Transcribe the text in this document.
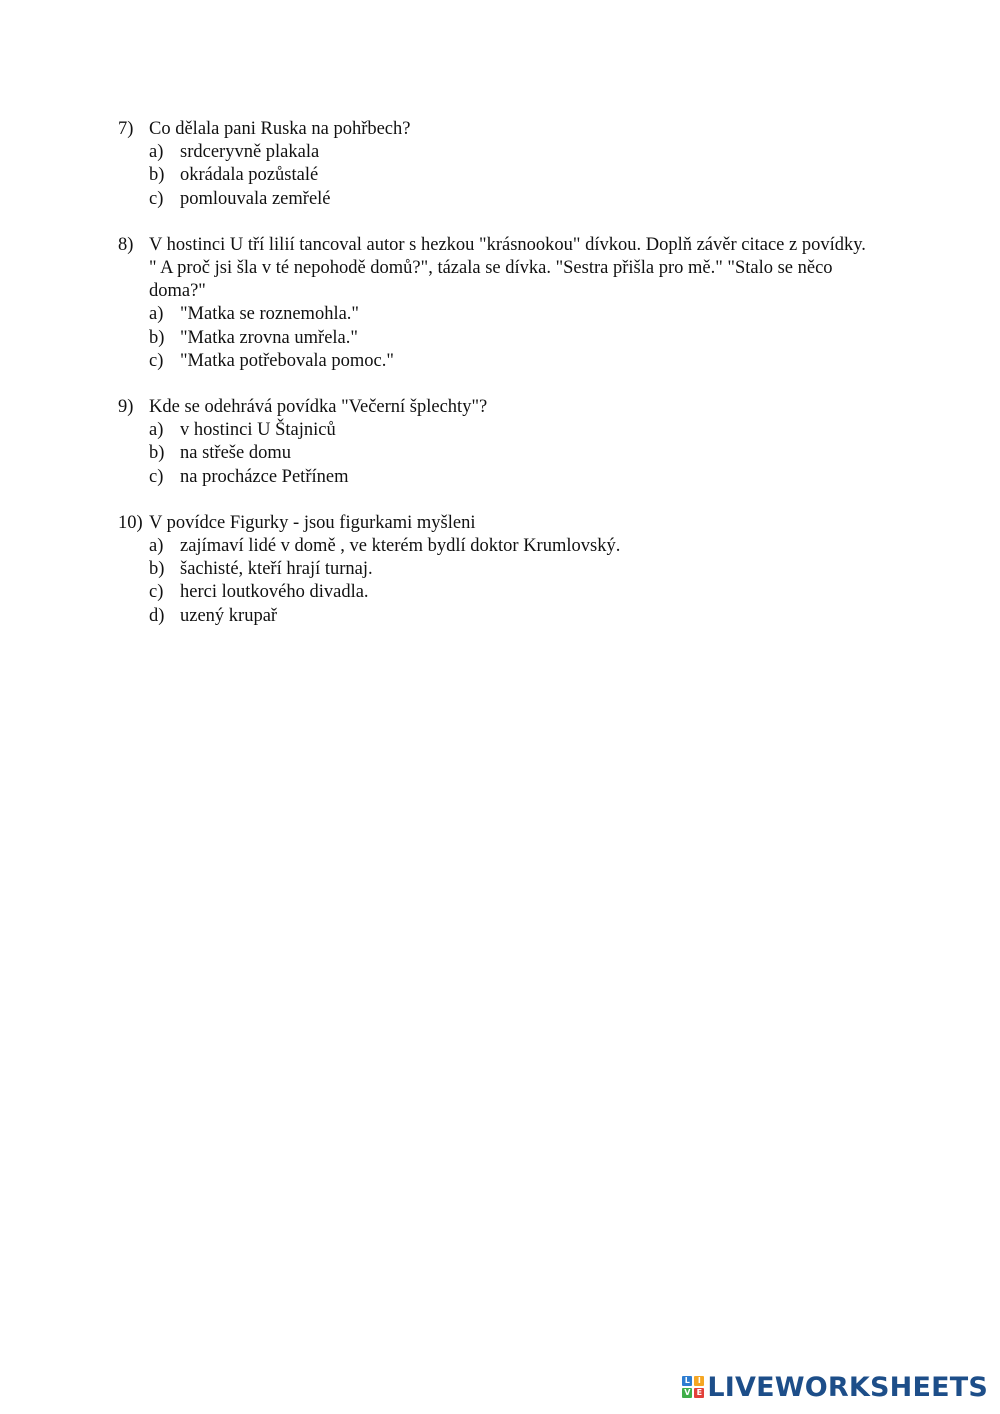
7) Co dělala pani Ruska na pohřbech?
a) srdceryvně plakala
b) okrádala pozůstalé
c) pomlouvala zemřelé
8) V hostinci U tří lilií tancoval autor s hezkou "krásnookou" dívkou. Doplň závěr citace z povídky. " A proč jsi šla v té nepohodě domů?", tázala se dívka. "Sestra přišla pro mě." "Stalo se něco doma?"
a) "Matka se roznemohla."
b) "Matka zrovna umřela."
c) "Matka potřebovala pomoc."
9) Kde se odehrává povídka "Večerní šplechty"?
a) v hostinci U Štajniců
b) na střeše domu
c) na procházce Petřínem
10) V povídce Figurky - jsou figurkami myšleni
a) zajímaví lidé v domě , ve kterém bydlí doktor Krumlovský.
b) šachisté, kteří hrají turnaj.
c) herci loutkového divadla.
d) uzený krupař
L I
V E LIVEWORKSHEETS
